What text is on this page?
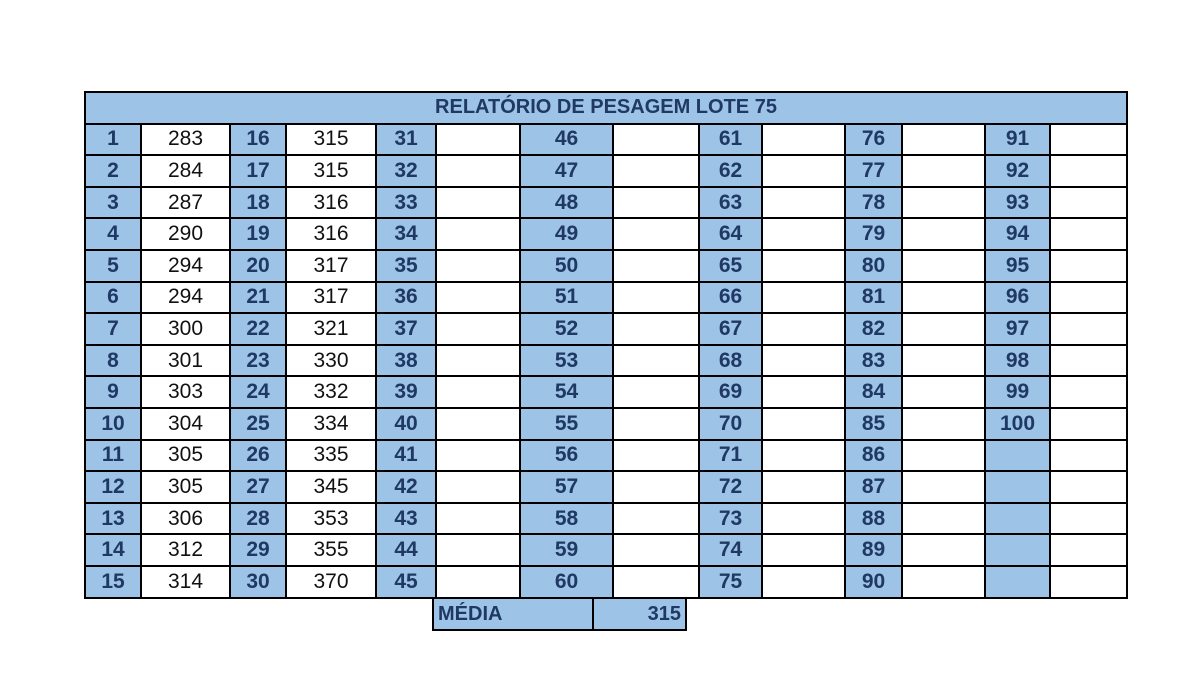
RELATÓRIO DE PESAGEM LOTE 75													
1	283	16	315	31		46		61		76		91	
2	284	17	315	32		47		62		77		92	
3	287	18	316	33		48		63		78		93	
4	290	19	316	34		49		64		79		94	
5	294	20	317	35		50		65		80		95	
6	294	21	317	36		51		66		81		96	
7	300	22	321	37		52		67		82		97	
8	301	23	330	38		53		68		83		98	
9	303	24	332	39		54		69		84		99	
10	304	25	334	40		55		70		85		100	
11	305	26	335	41		56		71		86			
12	305	27	345	42		57		72		87			
13	306	28	353	43		58		73		88			
14	312	29	355	44		59		74		89			
15	314	30	370	45		60		75		90			
MÉDIA	315
